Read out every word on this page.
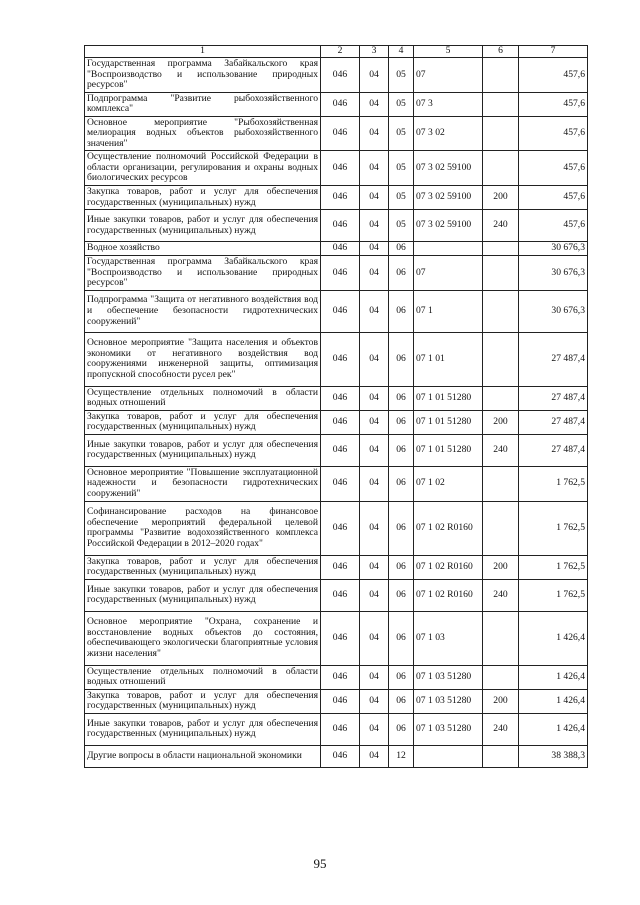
1	2	3	4	5	6	7
Государственная программа Забайкальского края "Воспроизводство и использование природных ресурсов"	046	04	05	07		457,6
Подпрограмма "Развитие рыбохозяйственного комплекса"	046	04	05	07 3		457,6
Основное мероприятие "Рыбохозяйственная мелиорация водных объектов рыбохозяйственного значения"	046	04	05	07 3 02		457,6
Осуществление полномочий Российской Федерации в области организации, регулирования и охраны водных биологических ресурсов	046	04	05	07 3 02 59100		457,6
Закупка товаров, работ и услуг для обеспечения государственных (муниципальных) нужд	046	04	05	07 3 02 59100	200	457,6
Иные закупки товаров, работ и услуг для обеспечения государственных (муниципальных) нужд	046	04	05	07 3 02 59100	240	457,6
Водное хозяйство	046	04	06			30 676,3
Государственная программа Забайкальского края "Воспроизводство и использование природных ресурсов"	046	04	06	07		30 676,3
Подпрограмма "Защита от негативного воздействия вод и обеспечение безопасности гидротехнических сооружений"	046	04	06	07 1		30 676,3
Основное мероприятие "Защита населения и объектов экономики от негативного воздействия вод сооружениями инженерной защиты, оптимизация пропускной способности русел рек"	046	04	06	07 1 01		27 487,4
Осуществление отдельных полномочий в области водных отношений	046	04	06	07 1 01 51280		27 487,4
Закупка товаров, работ и услуг для обеспечения государственных (муниципальных) нужд	046	04	06	07 1 01 51280	200	27 487,4
Иные закупки товаров, работ и услуг для обеспечения государственных (муниципальных) нужд	046	04	06	07 1 01 51280	240	27 487,4
Основное мероприятие "Повышение эксплуатационной надежности и безопасности гидротехнических сооружений"	046	04	06	07 1 02		1 762,5
Софинансирование расходов на финансовое обеспечение мероприятий федеральной целевой программы "Развитие водохозяйственного комплекса Российской Федерации в 2012–2020 годах"	046	04	06	07 1 02 R0160		1 762,5
Закупка товаров, работ и услуг для обеспечения государственных (муниципальных) нужд	046	04	06	07 1 02 R0160	200	1 762,5
Иные закупки товаров, работ и услуг для обеспечения государственных (муниципальных) нужд	046	04	06	07 1 02 R0160	240	1 762,5
Основное мероприятие "Охрана, сохранение и восстановление водных объектов до состояния, обеспечивающего экологически благоприятные условия жизни населения"	046	04	06	07 1 03		1 426,4
Осуществление отдельных полномочий в области водных отношений	046	04	06	07 1 03 51280		1 426,4
Закупка товаров, работ и услуг для обеспечения государственных (муниципальных) нужд	046	04	06	07 1 03 51280	200	1 426,4
Иные закупки товаров, работ и услуг для обеспечения государственных (муниципальных) нужд	046	04	06	07 1 03 51280	240	1 426,4
Другие вопросы в области национальной экономики	046	04	12			38 388,3
95
